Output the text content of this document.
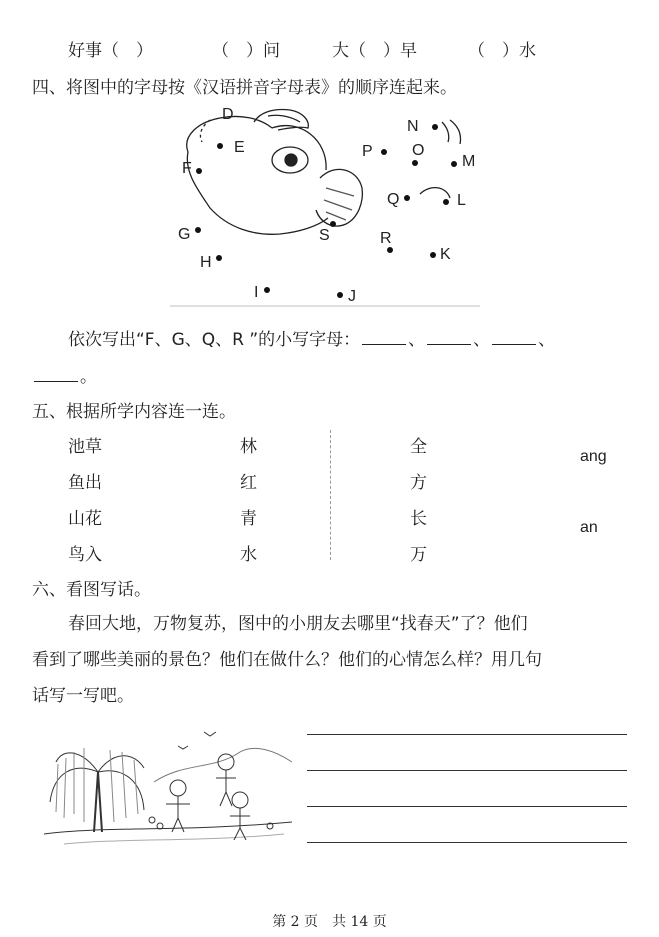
好事（　）	（　）问	大（　）早	（　）水
四、将图中的字母按《汉语拼音字母表》的顺序连起来。
D
E
F
G
H
I	J
K
L
M
N
O
P
Q
R
S
依次写出“F、G、Q、R ”的小写字母：	、	、	、
。
五、根据所学内容连一连。
池草
鱼出
山花
鸟入
林
红
青
水
全
方
长
万
ang
an
六、看图写话。
春回大地，万物复苏，图中的小朋友去哪里“找春天”了？他们
看到了哪些美丽的景色？他们在做什么？他们的心情怎么样？用几句
话写一写吧。
第 2 页　共 14 页
